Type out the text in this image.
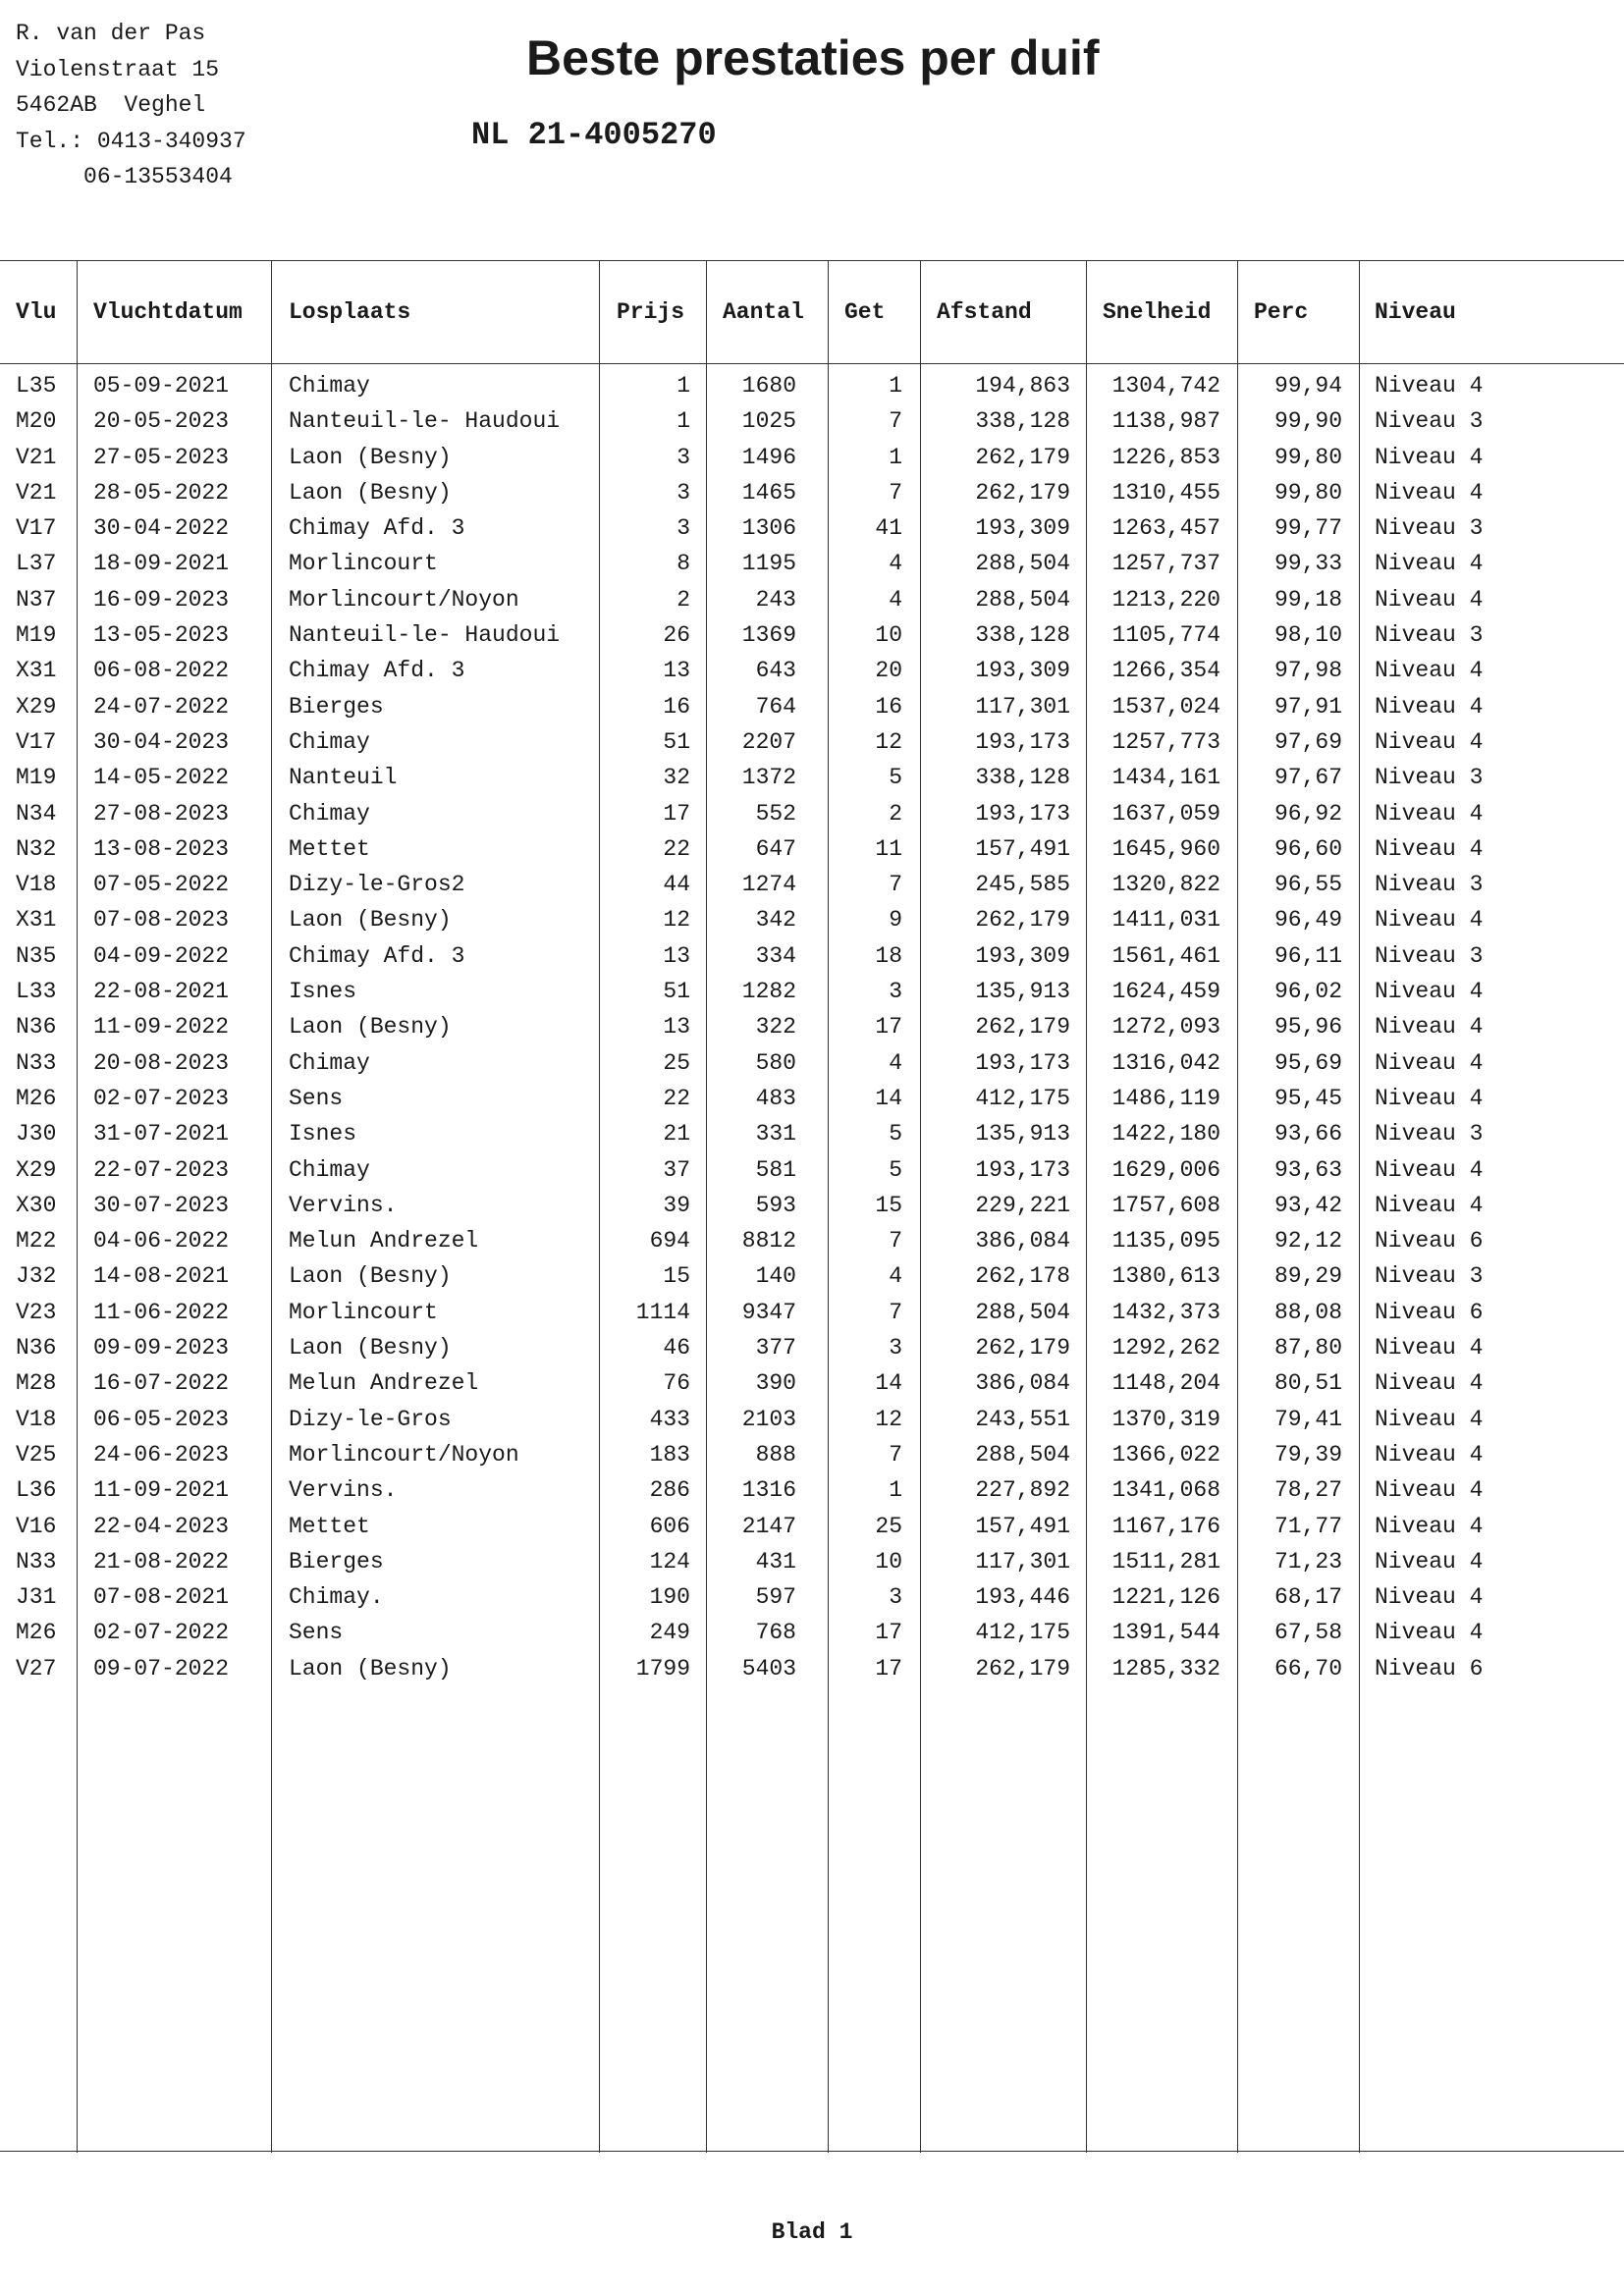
R. van der Pas
Violenstraat 15
5462AB  Veghel
Tel.: 0413-340937
06-13553404
Beste prestaties per duif
NL 21-4005270
Vlu Vluchtdatum Losplaats	Prijs Aantal Get Afstand	Snelheid Perc	Niveau
L35 05-09-2021	Chimay	1 1680	1	194,863 1304,742 99,94 Niveau 4
M20 20-05-2023	Nanteuil-le- Haudoui	1 1025	7	338,128 1138,987 99,90 Niveau 3
V21 27-05-2023	Laon (Besny)	3 1496	1	262,179 1226,853 99,80 Niveau 4
V21 28-05-2022	Laon (Besny)	3 1465	7	262,179 1310,455 99,80 Niveau 4
V17 30-04-2022	Chimay Afd. 3	3 1306	41	193,309 1263,457 99,77 Niveau 3
L37 18-09-2021	Morlincourt	8 1195	4	288,504 1257,737 99,33 Niveau 4
N37 16-09-2023	Morlincourt/Noyon	2	243	4	288,504 1213,220 99,18 Niveau 4
M19 13-05-2023	Nanteuil-le- Haudoui	26 1369	10	338,128 1105,774 98,10 Niveau 3
X31 06-08-2022	Chimay Afd. 3	13	643	20	193,309 1266,354 97,98 Niveau 4
X29 24-07-2022	Bierges	16	764	16	117,301 1537,024 97,91 Niveau 4
V17 30-04-2023	Chimay	51 2207	12	193,173 1257,773 97,69 Niveau 4
M19 14-05-2022	Nanteuil	32 1372	5	338,128 1434,161 97,67 Niveau 3
N34 27-08-2023	Chimay	17	552	2	193,173 1637,059 96,92 Niveau 4
N32 13-08-2023	Mettet	22	647	11	157,491 1645,960 96,60 Niveau 4
V18 07-05-2022	Dizy-le-Gros2	44 1274	7	245,585 1320,822 96,55 Niveau 3
X31 07-08-2023	Laon (Besny)	12	342	9	262,179 1411,031 96,49 Niveau 4
N35 04-09-2022	Chimay Afd. 3	13	334	18	193,309 1561,461 96,11 Niveau 3
L33 22-08-2021	Isnes	51 1282	3	135,913 1624,459 96,02 Niveau 4
N36 11-09-2022	Laon (Besny)	13	322	17	262,179 1272,093 95,96 Niveau 4
N33 20-08-2023	Chimay	25	580	4	193,173 1316,042 95,69 Niveau 4
M26 02-07-2023	Sens	22	483	14	412,175 1486,119 95,45 Niveau 4
J30 31-07-2021	Isnes	21	331	5	135,913 1422,180 93,66 Niveau 3
X29 22-07-2023	Chimay	37	581	5	193,173 1629,006 93,63 Niveau 4
X30 30-07-2023	Vervins.	39	593	15	229,221 1757,608 93,42 Niveau 4
M22 04-06-2022	Melun Andrezel	694 8812	7	386,084 1135,095 92,12 Niveau 6
J32 14-08-2021	Laon (Besny)	15	140	4	262,178 1380,613 89,29 Niveau 3
V23 11-06-2022	Morlincourt	1114 9347	7	288,504 1432,373 88,08 Niveau 6
N36 09-09-2023	Laon (Besny)	46	377	3	262,179 1292,262 87,80 Niveau 4
M28 16-07-2022	Melun Andrezel	76	390	14	386,084 1148,204 80,51 Niveau 4
V18 06-05-2023	Dizy-le-Gros	433 2103	12	243,551 1370,319 79,41 Niveau 4
V25 24-06-2023	Morlincourt/Noyon	183	888	7	288,504 1366,022 79,39 Niveau 4
L36 11-09-2021	Vervins.	286 1316	1	227,892 1341,068 78,27 Niveau 4
V16 22-04-2023	Mettet	606 2147	25	157,491 1167,176 71,77 Niveau 4
N33 21-08-2022	Bierges	124	431	10	117,301 1511,281 71,23 Niveau 4
J31 07-08-2021	Chimay.	190	597	3	193,446 1221,126 68,17 Niveau 4
M26 02-07-2022	Sens	249	768	17	412,175 1391,544 67,58 Niveau 4
V27 09-07-2022	Laon (Besny)	1799 5403	17	262,179 1285,332 66,70 Niveau 6
Blad 1
